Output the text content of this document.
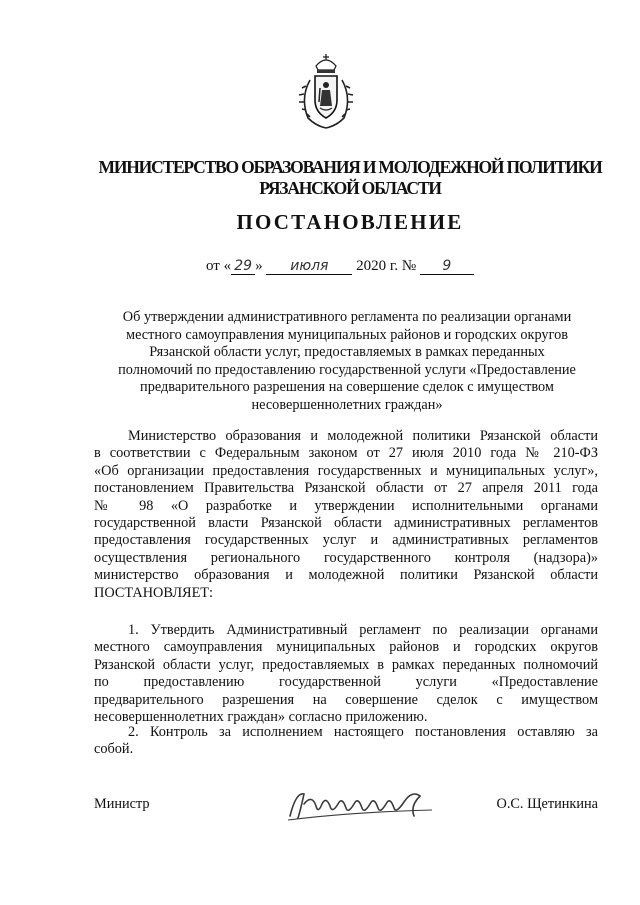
МИНИСТЕРСТВО ОБРАЗОВАНИЯ И МОЛОДЕЖНОЙ ПОЛИТИКИ
РЯЗАНСКОЙ ОБЛАСТИ
ПОСТАНОВЛЕНИЕ
от « 29 » июля 2020 г. № 9
Об утверждении административного регламента по реализации органами
местного самоуправления муниципальных районов и городских округов
Рязанской области услуг, предоставляемых в рамках переданных
полномочий по предоставлению государственной услуги «Предоставление
предварительного разрешения на совершение сделок с имуществом
несовершеннолетних граждан»
Министерство образования и молодежной политики Рязанской области
в соответствии с Федеральным законом от 27 июля 2010 года № 210-ФЗ
«Об организации предоставления государственных и муниципальных услуг»,
постановлением Правительства Рязанской области от 27 апреля 2011 года
№ 98 «О разработке и утверждении исполнительными органами
государственной власти Рязанской области административных регламентов
предоставления государственных услуг и административных регламентов
осуществления регионального государственного контроля (надзора)»
министерство образования и молодежной политики Рязанской области
ПОСТАНОВЛЯЕТ:
1. Утвердить Административный регламент по реализации органами
местного самоуправления муниципальных районов и городских округов
Рязанской области услуг, предоставляемых в рамках переданных полномочий
по предоставлению государственной услуги «Предоставление
предварительного разрешения на совершение сделок с имуществом
несовершеннолетних граждан» согласно приложению.
2. Контроль за исполнением настоящего постановления оставляю за
собой.
Министр	О.С. Щетинкина
